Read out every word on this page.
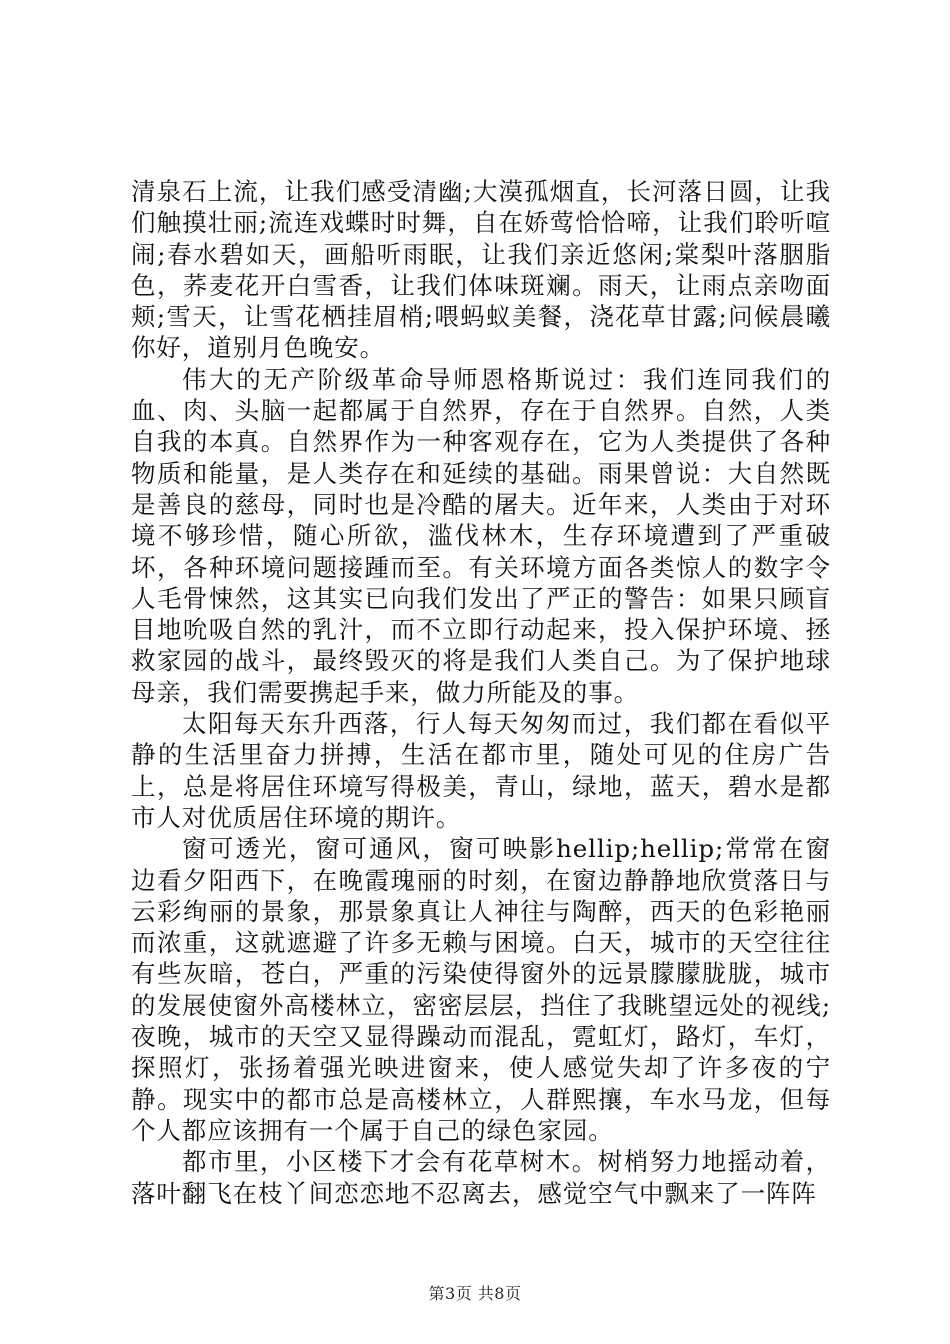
清泉石上流，让我们感受清幽;大漠孤烟直，长河落日圆，让我们触摸壮丽;流连戏蝶时时舞，自在娇莺恰恰啼，让我们聆听喧闹;春水碧如天，画船听雨眠，让我们亲近悠闲;棠梨叶落胭脂色，荞麦花开白雪香，让我们体味斑斓。雨天，让雨点亲吻面颊;雪天，让雪花栖挂眉梢;喂蚂蚁美餐，浇花草甘露;问候晨曦你好，道别月色晚安。

伟大的无产阶级革命导师恩格斯说过：我们连同我们的血、肉、头脑一起都属于自然界，存在于自然界。自然，人类自我的本真。自然界作为一种客观存在，它为人类提供了各种物质和能量，是人类存在和延续的基础。雨果曾说：大自然既是善良的慈母，同时也是冷酷的屠夫。近年来，人类由于对环境不够珍惜，随心所欲，滥伐林木，生存环境遭到了严重破坏，各种环境问题接踵而至。有关环境方面各类惊人的数字令人毛骨悚然，这其实已向我们发出了严正的警告：如果只顾盲目地吮吸自然的乳汁，而不立即行动起来，投入保护环境、拯救家园的战斗，最终毁灭的将是我们人类自己。为了保护地球母亲，我们需要携起手来，做力所能及的事。

太阳每天东升西落，行人每天匆匆而过，我们都在看似平静的生活里奋力拼搏，生活在都市里，随处可见的住房广告上，总是将居住环境写得极美，青山，绿地，蓝天，碧水是都市人对优质居住环境的期许。

窗可透光，窗可通风，窗可映影hellip;hellip;常常在窗边看夕阳西下，在晚霞瑰丽的时刻，在窗边静静地欣赏落日与云彩绚丽的景象，那景象真让人神往与陶醉，西天的色彩艳丽而浓重，这就遮避了许多无赖与困境。白天，城市的天空往往有些灰暗，苍白，严重的污染使得窗外的远景朦朦胧胧，城市的发展使窗外高楼林立，密密层层，挡住了我眺望远处的视线;夜晚，城市的天空又显得躁动而混乱，霓虹灯，路灯，车灯，探照灯，张扬着强光映进窗来，使人感觉失却了许多夜的宁静。现实中的都市总是高楼林立，人群熙攘，车水马龙，但每个人都应该拥有一个属于自己的绿色家园。

都市里，小区楼下才会有花草树木。树梢努力地摇动着，落叶翻飞在枝丫间恋恋地不忍离去，感觉空气中飘来了一阵阵

第3页 共8页
